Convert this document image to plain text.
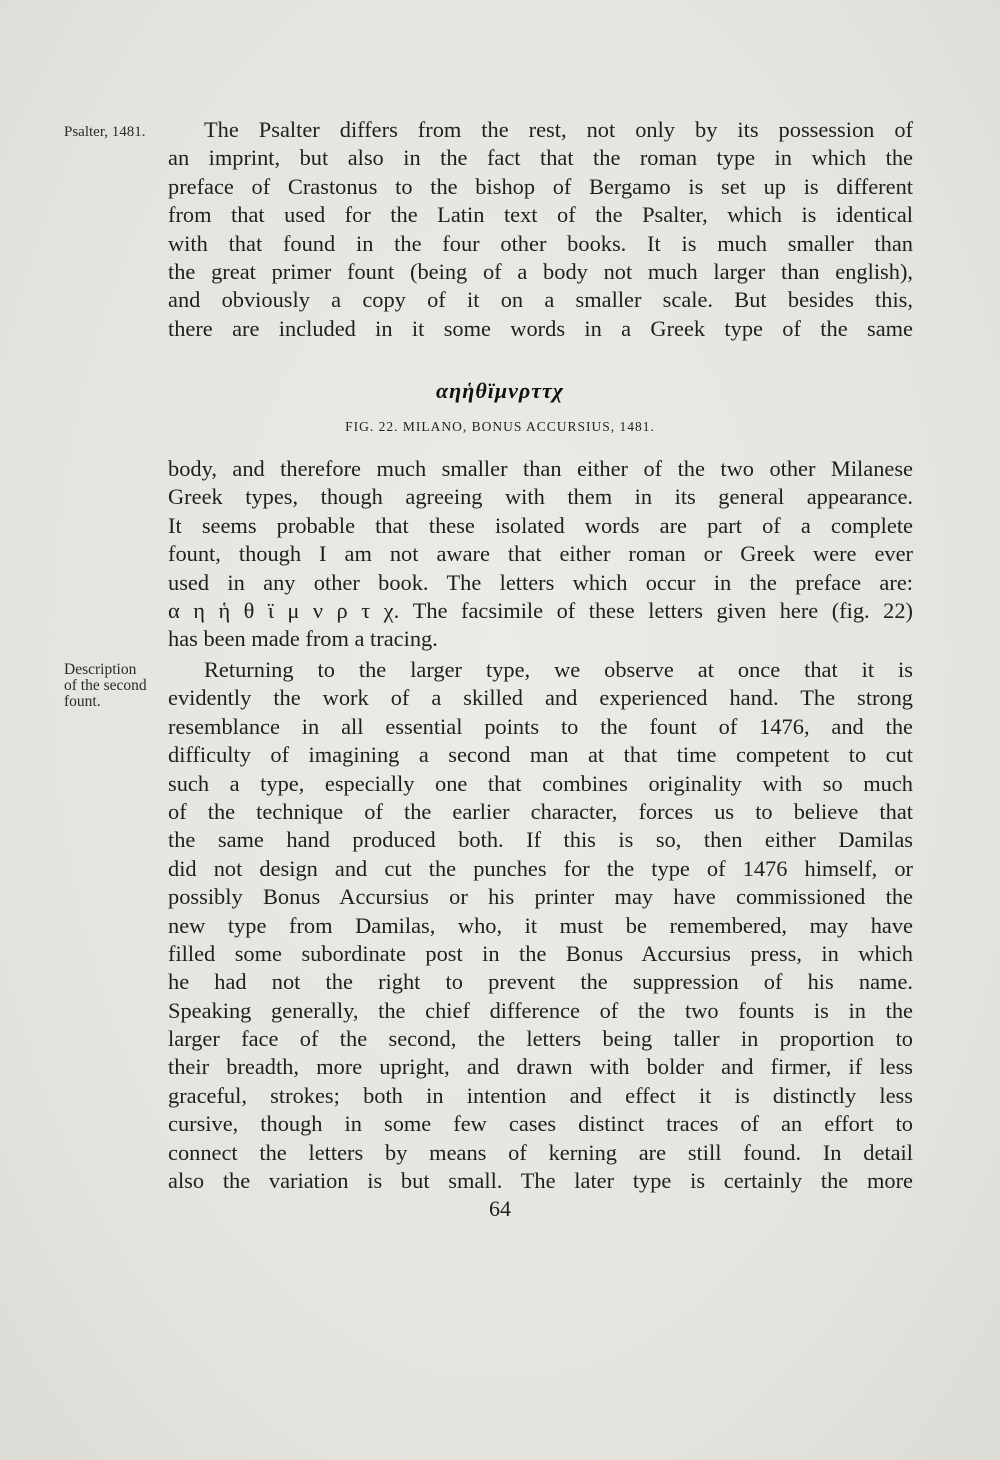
Psalter, 1481.
Description
of the second
fount.
The Psalter differs from the rest, not only by its possession of
an imprint, but also in the fact that the roman type in which the
preface of Crastonus to the bishop of Bergamo is set up is different
from that used for the Latin text of the Psalter, which is identical
with that found in the four other books. It is much smaller than
the great primer fount (being of a body not much larger than english),
and obviously a copy of it on a smaller scale. But besides this,
there are included in it some words in a Greek type of the same
αηἡθϊμνρττχ
FIG. 22. MILANO, BONUS ACCURSIUS, 1481.
body, and therefore much smaller than either of the two other Milanese
Greek types, though agreeing with them in its general appearance.
It seems probable that these isolated words are part of a complete
fount, though I am not aware that either roman or Greek were ever
used in any other book. The letters which occur in the preface are:
α η ἡ θ ϊ μ ν ρ τ χ. The facsimile of these letters given here (fig. 22)
has been made from a tracing.
Returning to the larger type, we observe at once that it is
evidently the work of a skilled and experienced hand. The strong
resemblance in all essential points to the fount of 1476, and the
difficulty of imagining a second man at that time competent to cut
such a type, especially one that combines originality with so much
of the technique of the earlier character, forces us to believe that
the same hand produced both. If this is so, then either Damilas
did not design and cut the punches for the type of 1476 himself, or
possibly Bonus Accursius or his printer may have commissioned the
new type from Damilas, who, it must be remembered, may have
filled some subordinate post in the Bonus Accursius press, in which
he had not the right to prevent the suppression of his name.
Speaking generally, the chief difference of the two founts is in the
larger face of the second, the letters being taller in proportion to
their breadth, more upright, and drawn with bolder and firmer, if less
graceful, strokes; both in intention and effect it is distinctly less
cursive, though in some few cases distinct traces of an effort to
connect the letters by means of kerning are still found. In detail
also the variation is but small. The later type is certainly the more
64
